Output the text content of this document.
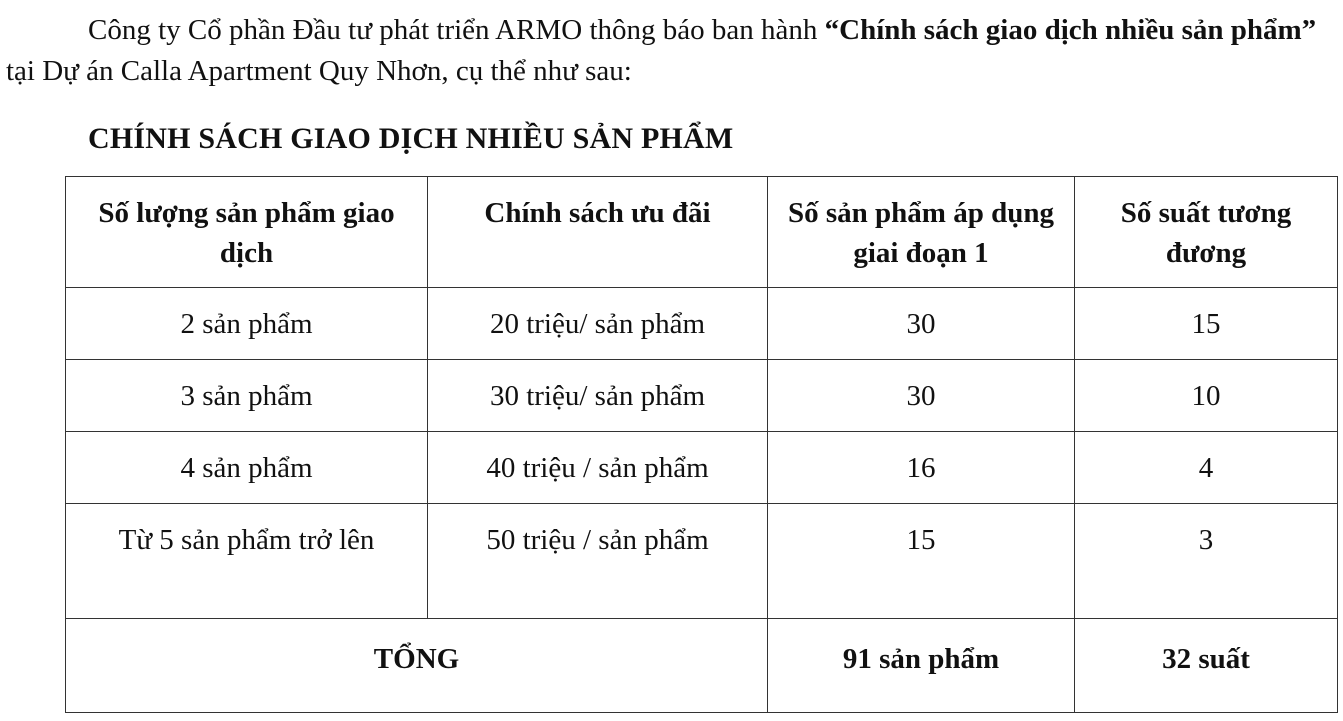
Công ty Cổ phần Đầu tư phát triển ARMO thông báo ban hành “Chính sách giao dịch nhiều sản phẩm” tại Dự án Calla Apartment Quy Nhơn, cụ thể như sau:
CHÍNH SÁCH GIAO DỊCH NHIỀU SẢN PHẨM
Số lượng sản phẩm giao dịch	Chính sách ưu đãi	Số sản phẩm áp dụng giai đoạn 1	Số suất tương đương
2 sản phẩm	20 triệu/ sản phẩm	30	15
3 sản phẩm	30 triệu/ sản phẩm	30	10
4 sản phẩm	40 triệu / sản phẩm	16	4
Từ 5 sản phẩm trở lên	50 triệu / sản phẩm	15	3
TỔNG		91 sản phẩm	32 suất
